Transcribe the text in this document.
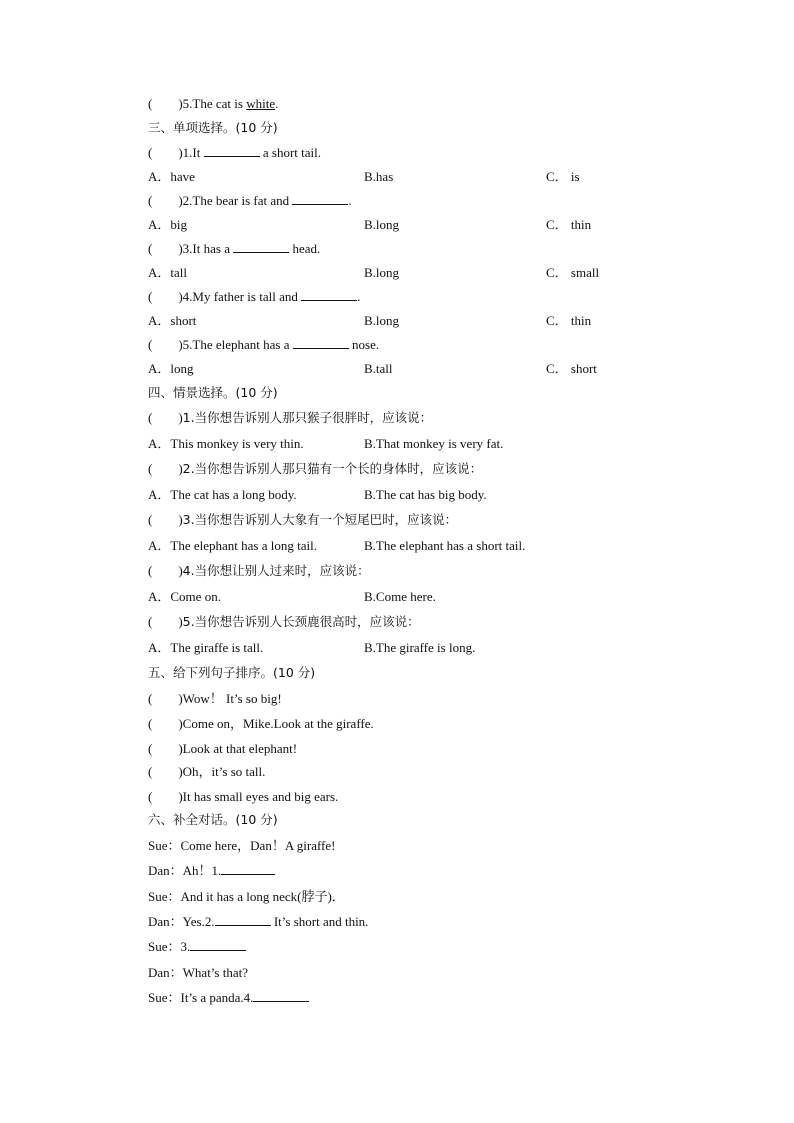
(        )5.The cat is white.
三、单项选择。(10 分)
(        )1.It	a short tail.
A．have	B.has	C． is
(        )2.The bear is fat and	.
A．big	B.long	C． thin
(        )3.It has a	head.
A．tall	B.long	C． small
(        )4.My father is tall and	.
A．short	B.long	C． thin
(        )5.The elephant has a	nose.
A．long	B.tall	C． short
四、情景选择。(10 分)
(        )1.当你想告诉别人那只猴子很胖时，应该说：
A．This monkey is very thin.	B.That monkey is very fat.
(        )2.当你想告诉别人那只猫有一个长的身体时，应该说：
A．The cat has a long body.	B.The cat has big body.
(        )3.当你想告诉别人大象有一个短尾巴时，应该说：
A．The elephant has a long tail.	B.The elephant has a short tail.
(        )4.当你想让别人过来时，应该说：
A．Come on.	B.Come here.
(        )5.当你想告诉别人长颈鹿很高时，应该说：
A．The giraffe is tall.	B.The giraffe is long.
五、给下列句子排序。(10 分)
(        )Wow！ It’s so big!
(        )Come on，Mike.Look at the giraffe.
(        )Look at that elephant!
(        )Oh，it’s so tall.
(        )It has small eyes and big ears.
六、补全对话。(10 分)
Sue：Come here，Dan！A giraffe!
Dan：Ah！1.
Sue：And it has a long neck(脖子)．
Dan：Yes.2.	It’s short and thin.
Sue：3.
Dan：What’s that?
Sue：It’s a panda.4.
